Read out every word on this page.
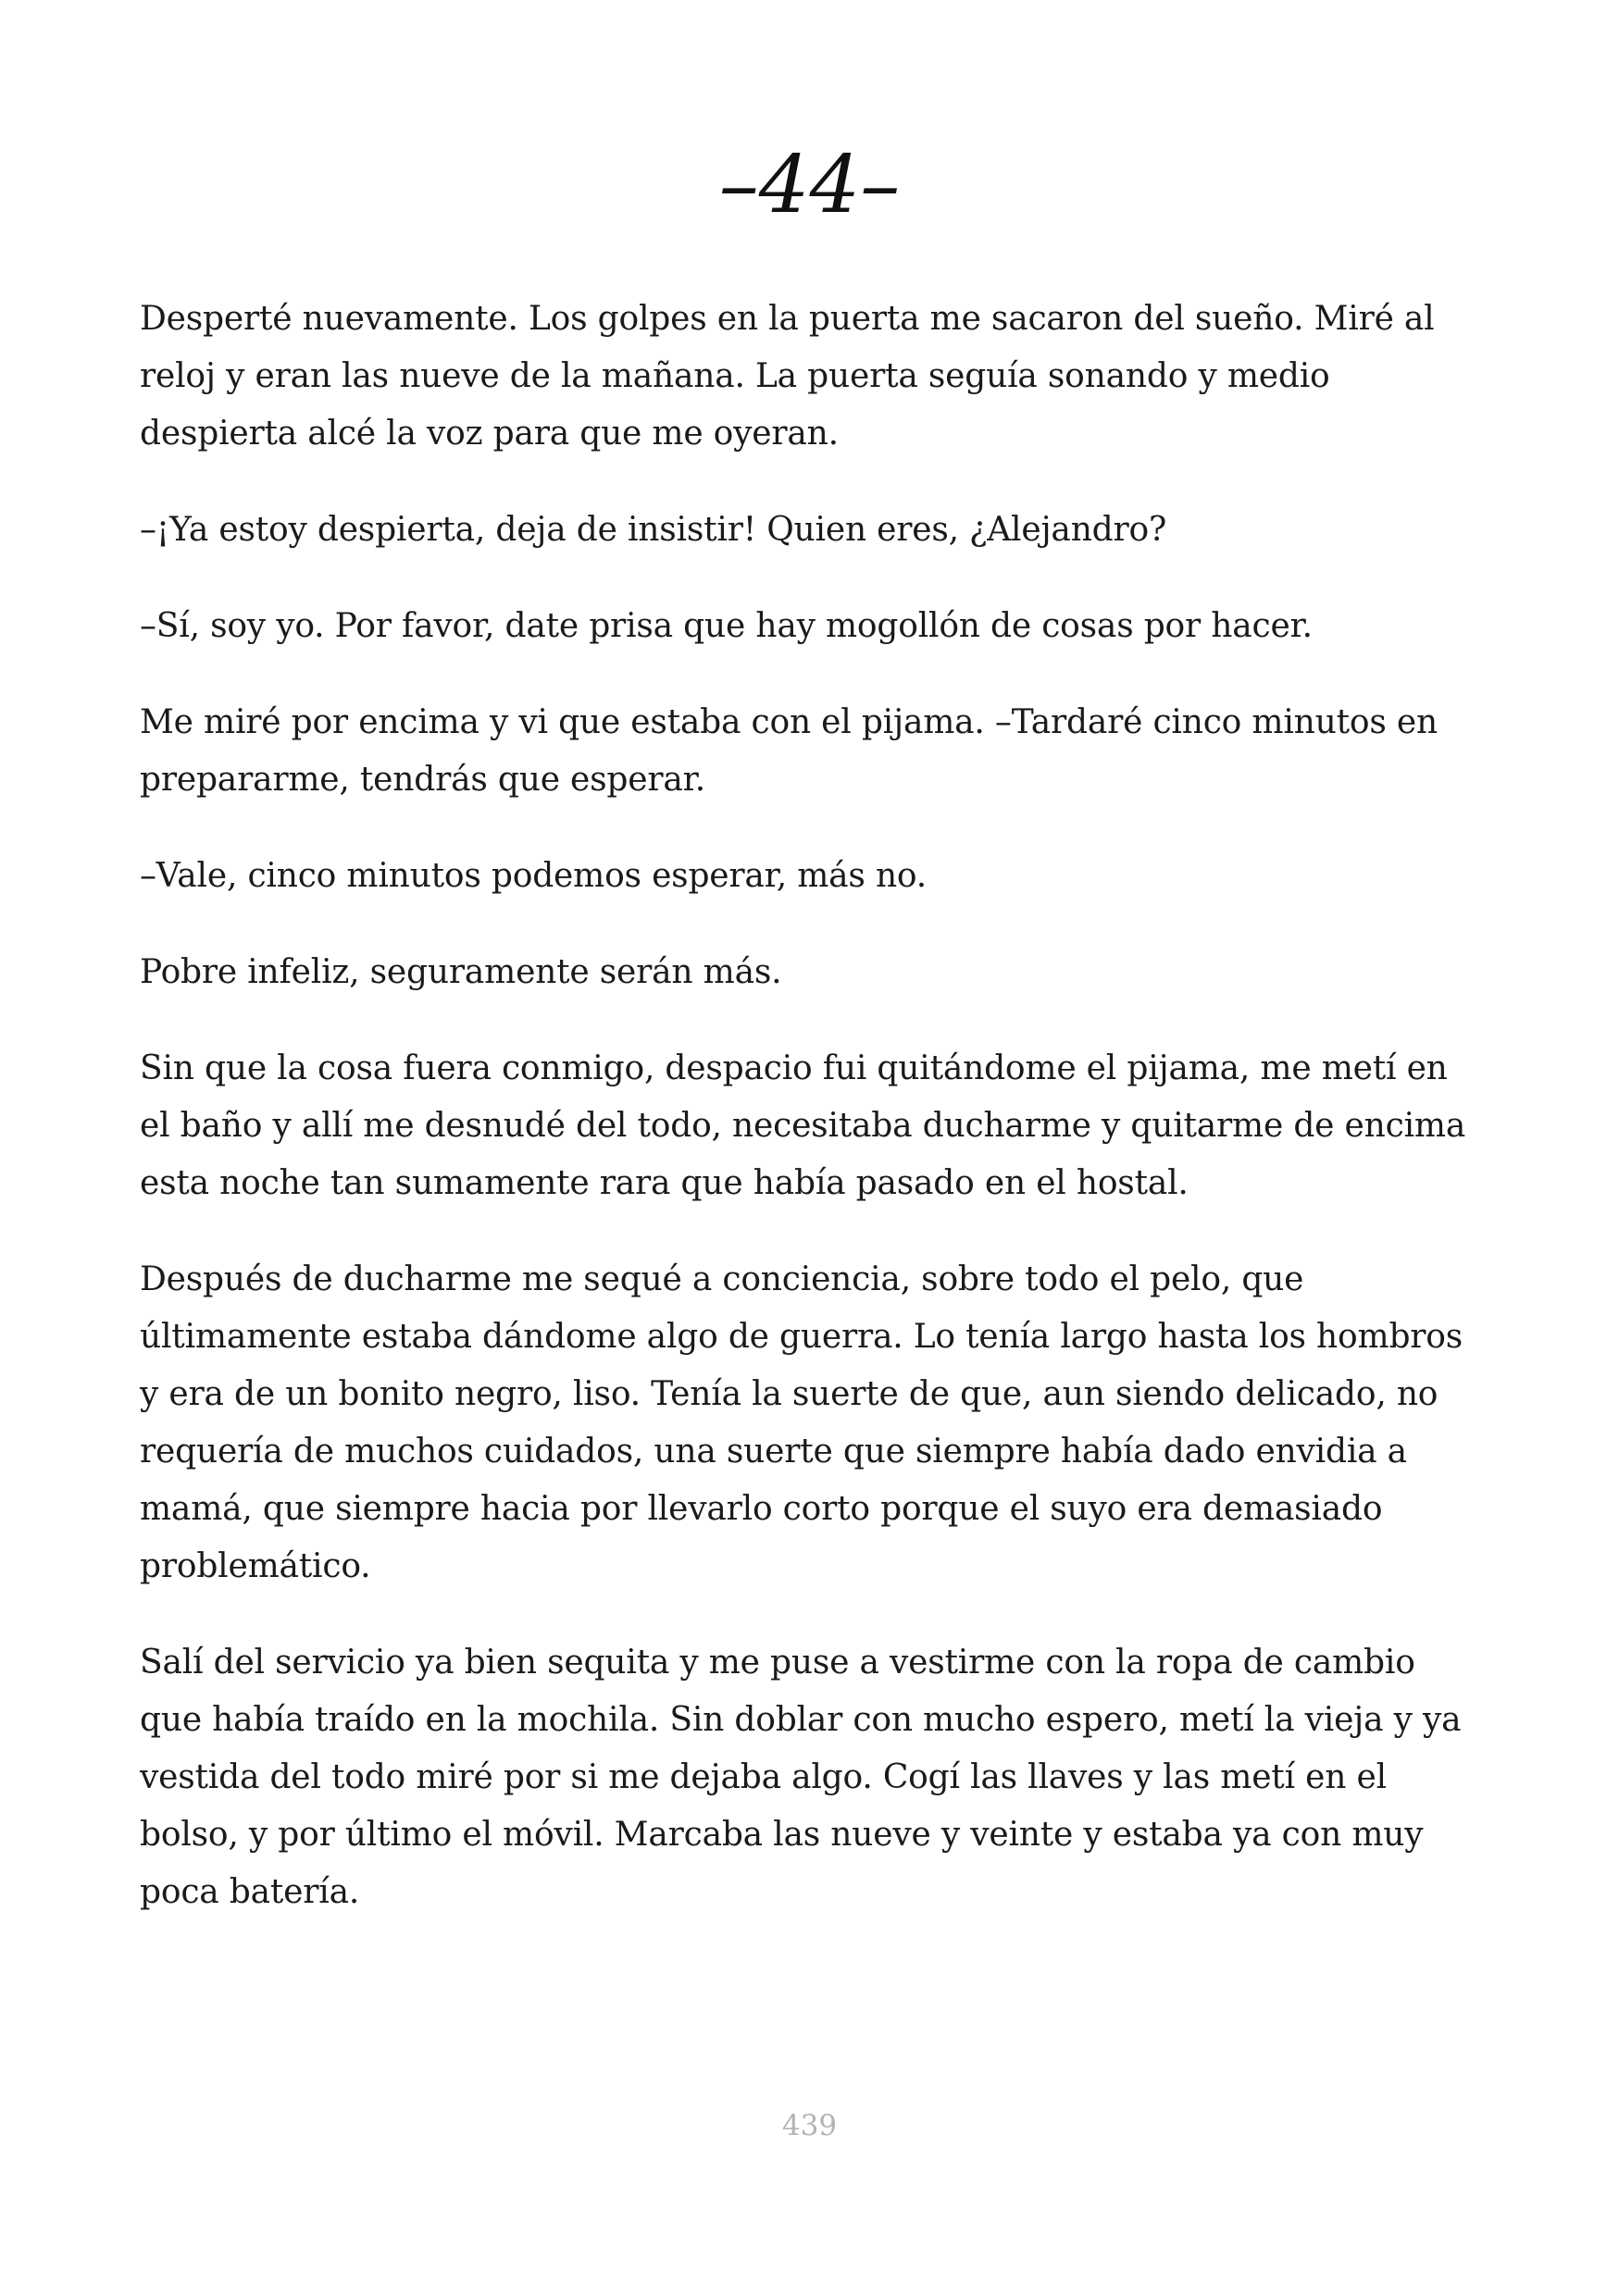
–44–

Desperté nuevamente. Los golpes en la puerta me sacaron del sueño. Miré al reloj y eran las nueve de la mañana. La puerta seguía sonando y medio despierta alcé la voz para que me oyeran.

–¡Ya estoy despierta, deja de insistir! Quien eres, ¿Alejandro?

–Sí, soy yo. Por favor, date prisa que hay mogollón de cosas por hacer.

Me miré por encima y vi que estaba con el pijama. –Tardaré cinco minutos en prepararme, tendrás que esperar.

–Vale, cinco minutos podemos esperar, más no.

Pobre infeliz, seguramente serán más.

Sin que la cosa fuera conmigo, despacio fui quitándome el pijama, me metí en el baño y allí me desnudé del todo, necesitaba ducharme y quitarme de encima esta noche tan sumamente rara que había pasado en el hostal.

Después de ducharme me sequé a conciencia, sobre todo el pelo, que últimamente estaba dándome algo de guerra. Lo tenía largo hasta los hombros y era de un bonito negro, liso. Tenía la suerte de que, aun siendo delicado, no requería de muchos cuidados, una suerte que siempre había dado envidia a mamá, que siempre hacia por llevarlo corto porque el suyo era demasiado problemático.

Salí del servicio ya bien sequita y me puse a vestirme con la ropa de cambio que había traído en la mochila. Sin doblar con mucho espero, metí la vieja y ya vestida del todo miré por si me dejaba algo. Cogí las llaves y las metí en el bolso, y por último el móvil. Marcaba las nueve y veinte y estaba ya con muy poca batería.

439
